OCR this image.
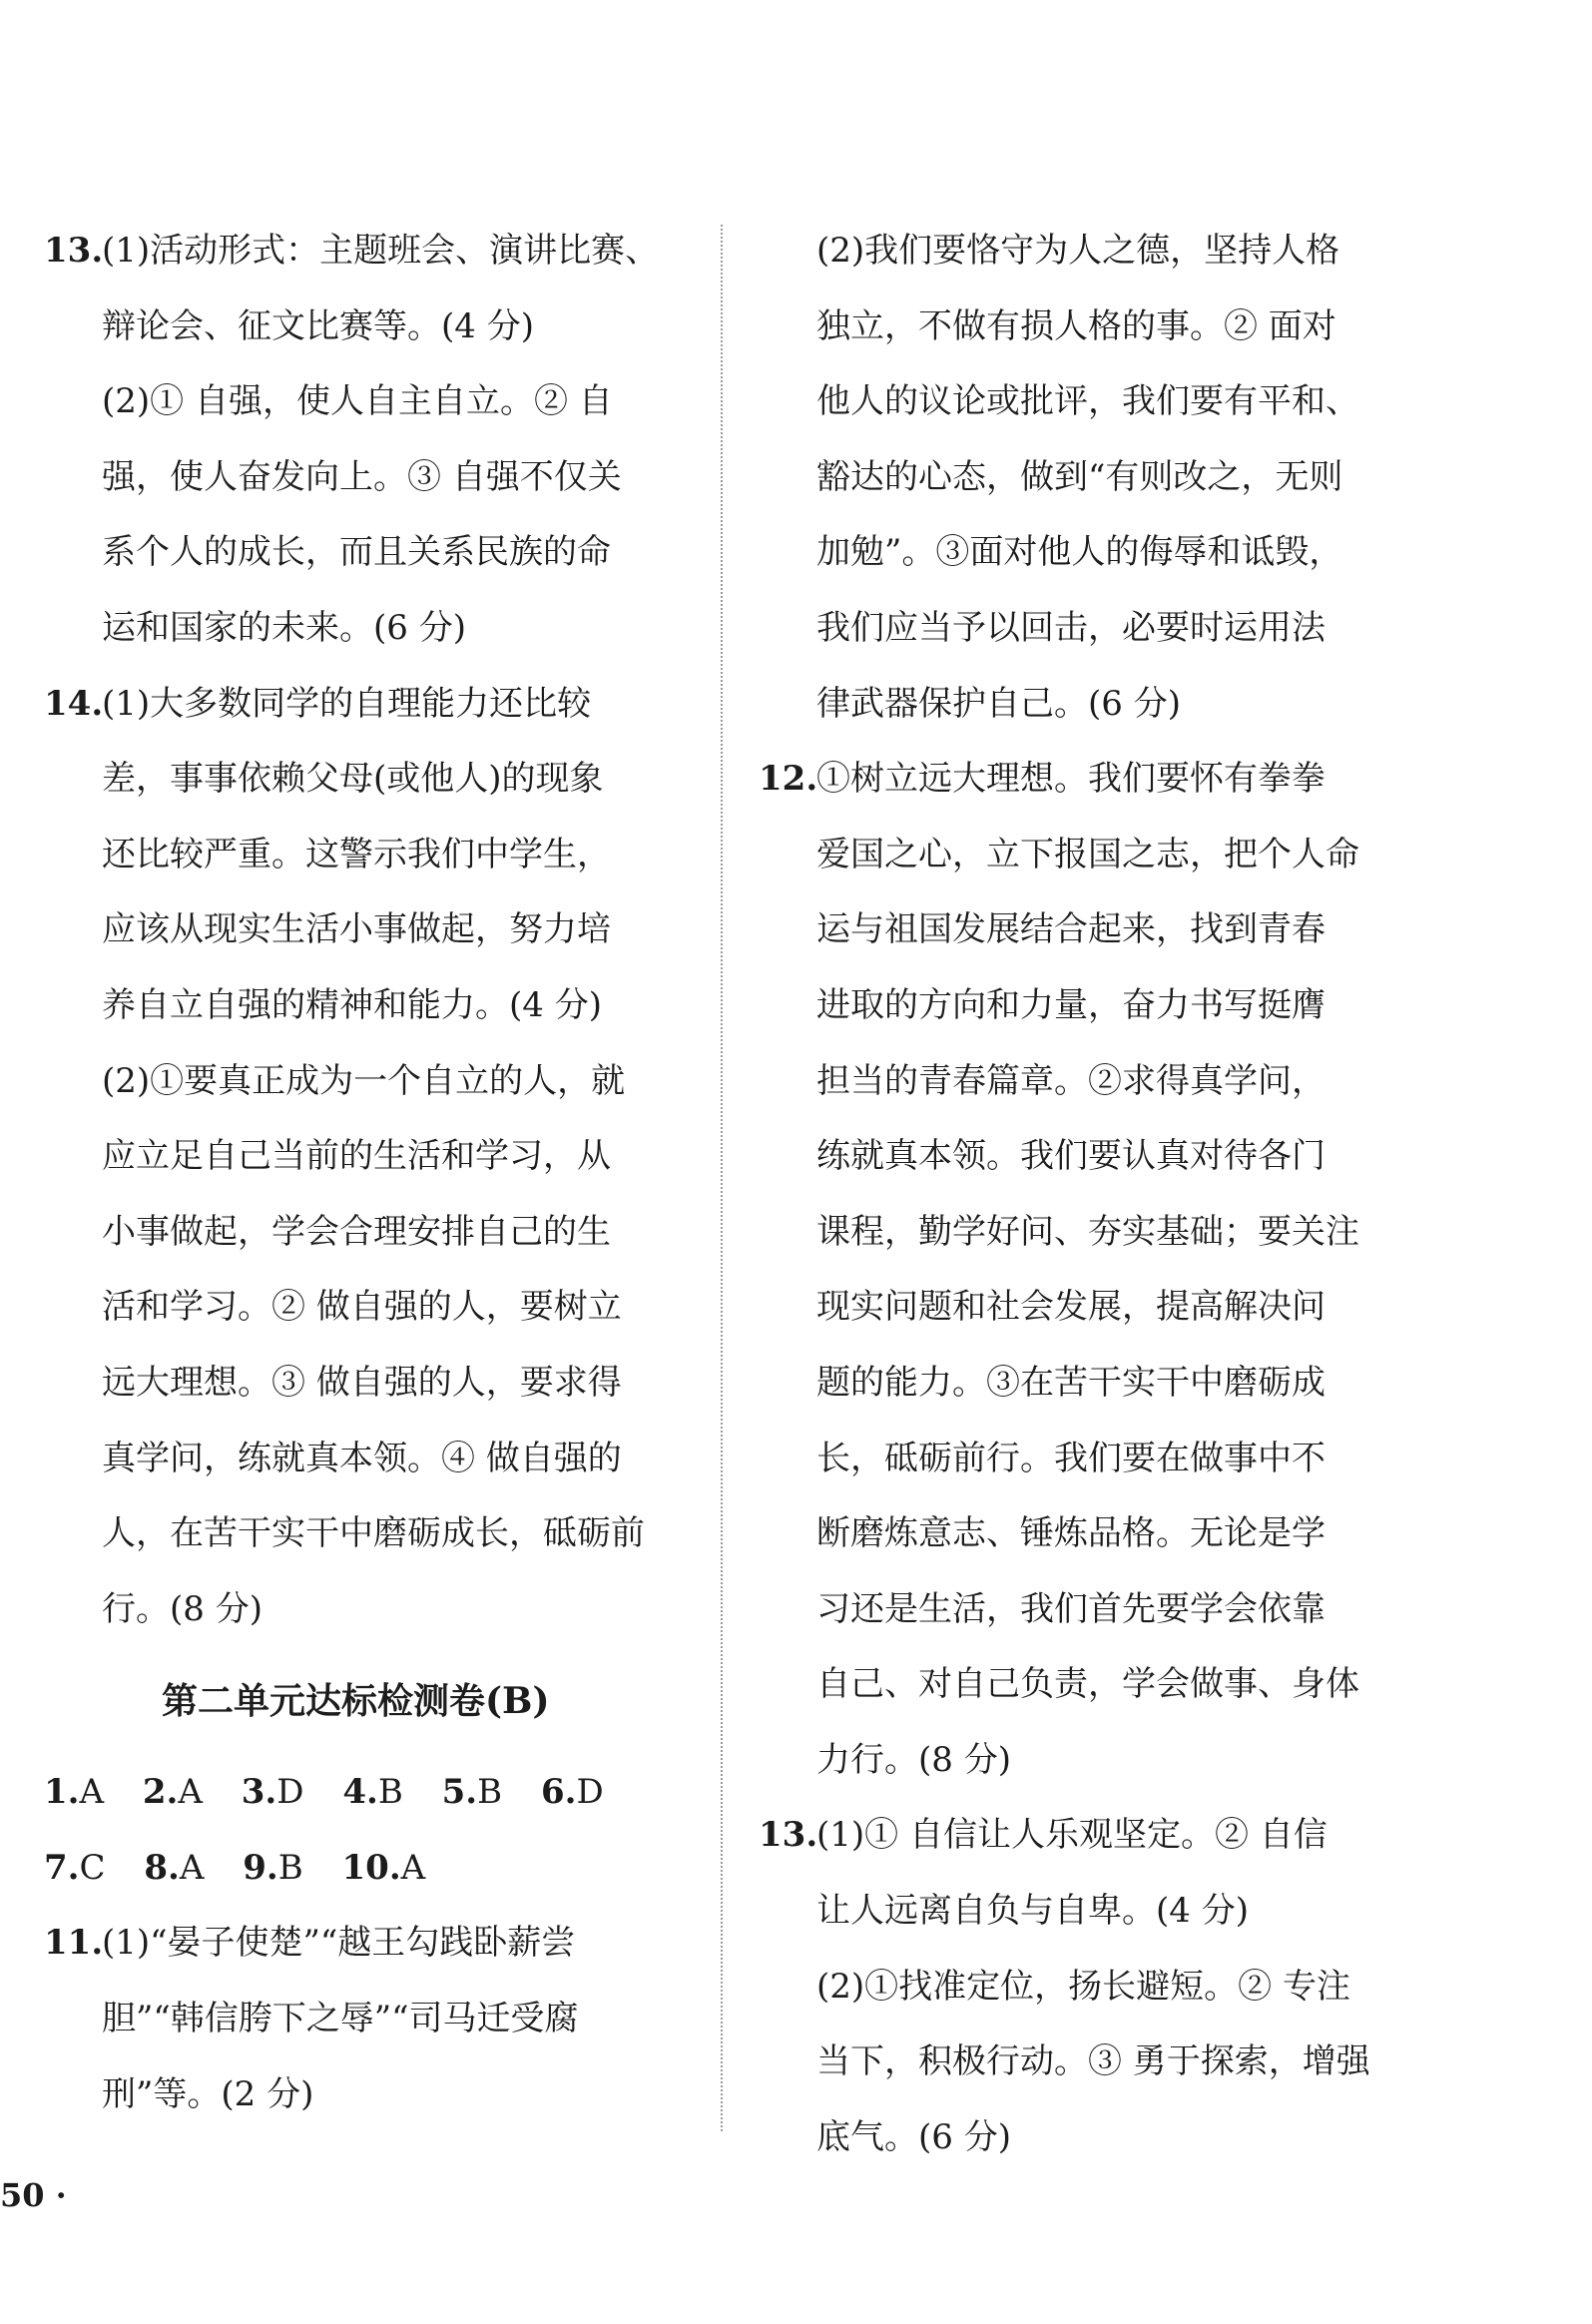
13.
(1)活动形式：主题班会、演讲比赛、
辩论会、征文比赛等。(4 分)
(2)① 自强，使人自主自立。② 自
强，使人奋发向上。③ 自强不仅关
系个人的成长，而且关系民族的命
运和国家的未来。(6 分)
14.
(1)大多数同学的自理能力还比较
差，事事依赖父母(或他人)的现象
还比较严重。这警示我们中学生，
应该从现实生活小事做起，努力培
养自立自强的精神和能力。(4 分)
(2)①要真正成为一个自立的人，就
应立足自己当前的生活和学习，从
小事做起，学会合理安排自己的生
活和学习。② 做自强的人，要树立
远大理想。③ 做自强的人，要求得
真学问，练就真本领。④ 做自强的
人，在苦干实干中磨砺成长，砥砺前
行。(8 分)
第二单元达标检测卷(B)
1.A 2.A 3.D 4.B 5.B 6.D
7.C 8.A 9.B 10.A
11.
(1)“晏子使楚”“越王勾践卧薪尝
胆”“韩信胯下之辱”“司马迁受腐
刑”等。(2 分)
(2)我们要恪守为人之德，坚持人格
独立，不做有损人格的事。② 面对
他人的议论或批评，我们要有平和、
豁达的心态，做到“有则改之，无则
加勉”。③面对他人的侮辱和诋毁，
我们应当予以回击，必要时运用法
律武器保护自己。(6 分)
12.
①树立远大理想。我们要怀有拳拳
爱国之心，立下报国之志，把个人命
运与祖国发展结合起来，找到青春
进取的方向和力量，奋力书写挺膺
担当的青春篇章。②求得真学问，
练就真本领。我们要认真对待各门
课程，勤学好问、夯实基础；要关注
现实问题和社会发展，提高解决问
题的能力。③在苦干实干中磨砺成
长，砥砺前行。我们要在做事中不
断磨炼意志、锤炼品格。无论是学
习还是生活，我们首先要学会依靠
自己、对自己负责，学会做事、身体
力行。(8 分)
13.
(1)① 自信让人乐观坚定。② 自信
让人远离自负与自卑。(4 分)
(2)①找准定位，扬长避短。② 专注
当下，积极行动。③ 勇于探索，增强
底气。(6 分)
50 ·
